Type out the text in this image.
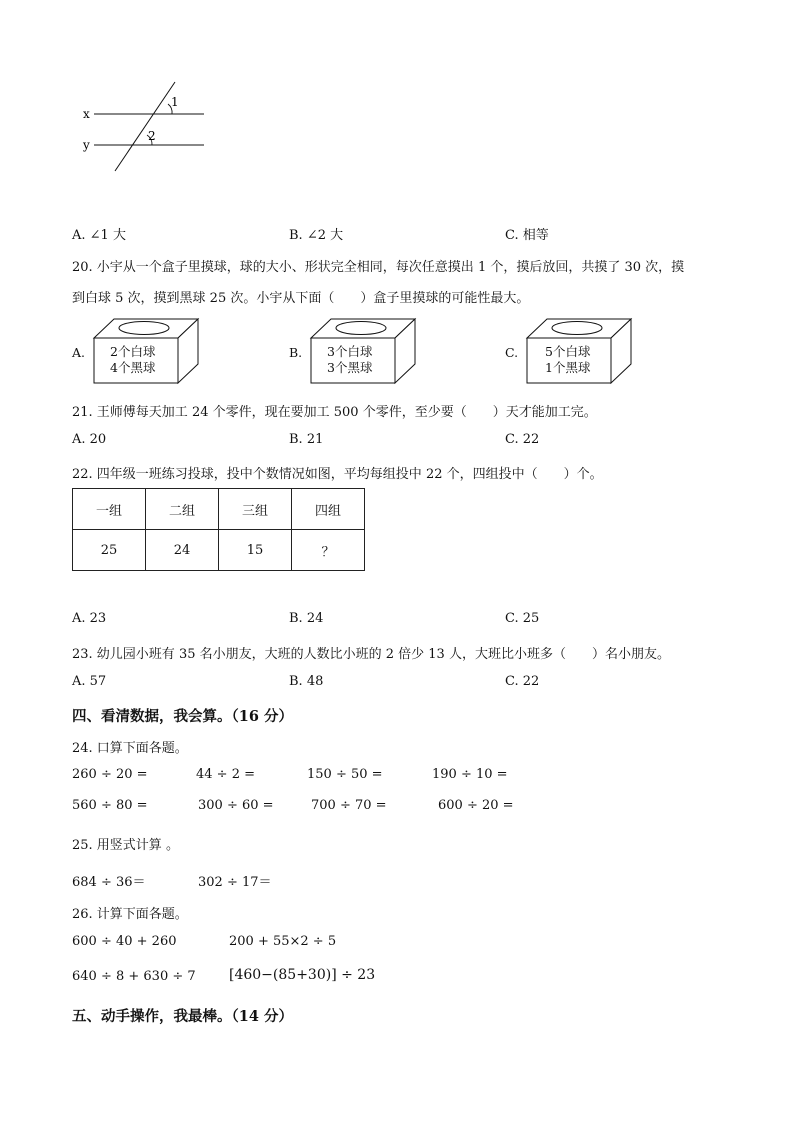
x
y
1
2
A. ∠1 大	B. ∠2 大	C. 相等
20. 小宇从一个盒子里摸球，球的大小、形状完全相同，每次任意摸出 1 个，摸后放回，共摸了 30 次，摸
到白球 5 次，摸到黑球 25 次。小宇从下面（　　）盒子里摸球的可能性最大。
A. 2个白球
4个黑球
B. 3个白球
3个黑球
C. 5个白球
1个黑球
21. 王师傅每天加工 24 个零件，现在要加工 500 个零件，至少要（　　）天才能加工完。
A. 20	B. 21	C. 22
22. 四年级一班练习投球，投中个数情况如图，平均每组投中 22 个，四组投中（　　）个。
一组	二组	三组	四组
25	24	15	？
A. 23	B. 24	C. 25
23. 幼儿园小班有 35 名小朋友，大班的人数比小班的 2 倍少 13 人，大班比小班多（　　）名小朋友。
A. 57	B. 48	C. 22
四、看清数据，我会算。（16 分）
24. 口算下面各题。
260 ÷ 20 =	44 ÷ 2 =	150 ÷ 50 =	190 ÷ 10 =
560 ÷ 80 =	300 ÷ 60 =	700 ÷ 70 =	600 ÷ 20 =
25. 用竖式计算 。
684 ÷ 36＝	302 ÷ 17＝
26. 计算下面各题。
600 ÷ 40 + 260	200 + 55×2 ÷ 5
640 ÷ 8 + 630 ÷ 7 [460−(85+30)] ÷ 23
五、动手操作，我最棒。（14 分）
